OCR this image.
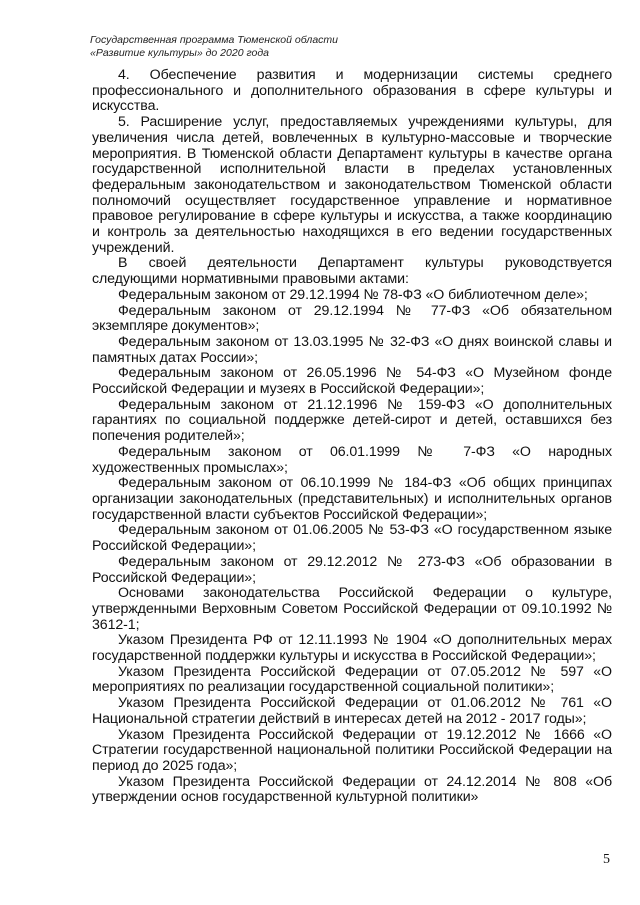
Государственная программа Тюменской области
«Развитие культуры» до 2020 года

4. Обеспечение развития и модернизации системы среднего профессионального и дополнительного образования в сфере культуры и искусства.

5. Расширение услуг, предоставляемых учреждениями культуры, для увеличения числа детей, вовлеченных в культурно-массовые и творческие мероприятия. В Тюменской области Департамент культуры в качестве органа государственной исполнительной власти в пределах установленных федеральным законодательством и законодательством Тюменской области полномочий осуществляет государственное управление и нормативное правовое регулирование в сфере культуры и искусства, а также координацию и контроль за деятельностью находящихся в его ведении государственных учреждений.

В своей деятельности Департамент культуры руководствуется следующими нормативными правовыми актами:

Федеральным законом от 29.12.1994 № 78-ФЗ «О библиотечном деле»;

Федеральным законом от 29.12.1994 № 77-ФЗ «Об обязательном экземпляре документов»;

Федеральным законом от 13.03.1995 № 32-ФЗ «О днях воинской славы и памятных датах России»;

Федеральным законом от 26.05.1996 № 54-ФЗ «О Музейном фонде Российской Федерации и музеях в Российской Федерации»;

Федеральным законом от 21.12.1996 № 159-ФЗ «О дополнительных гарантиях по социальной поддержке детей-сирот и детей, оставшихся без попечения родителей»;

Федеральным законом от 06.01.1999 № 7-ФЗ «О народных художественных промыслах»;

Федеральным законом от 06.10.1999 № 184-ФЗ «Об общих принципах организации законодательных (представительных) и исполнительных органов государственной власти субъектов Российской Федерации»;

Федеральным законом от 01.06.2005 № 53-ФЗ «О государственном языке Российской Федерации»;

Федеральным законом от 29.12.2012 № 273-ФЗ «Об образовании в Российской Федерации»;

Основами законодательства Российской Федерации о культуре, утвержденными Верховным Советом Российской Федерации от 09.10.1992 № 3612-1;

Указом Президента РФ от 12.11.1993 № 1904 «О дополнительных мерах государственной поддержки культуры и искусства в Российской Федерации»;

Указом Президента Российской Федерации от 07.05.2012 № 597 «О мероприятиях по реализации государственной социальной политики»;

Указом Президента Российской Федерации от 01.06.2012 № 761 «О Национальной стратегии действий в интересах детей на 2012 - 2017 годы»;

Указом Президента Российской Федерации от 19.12.2012 № 1666 «О Стратегии государственной национальной политики Российской Федерации на период до 2025 года»;

Указом Президента Российской Федерации от 24.12.2014 № 808 «Об утверждении основ государственной культурной политики»

5
